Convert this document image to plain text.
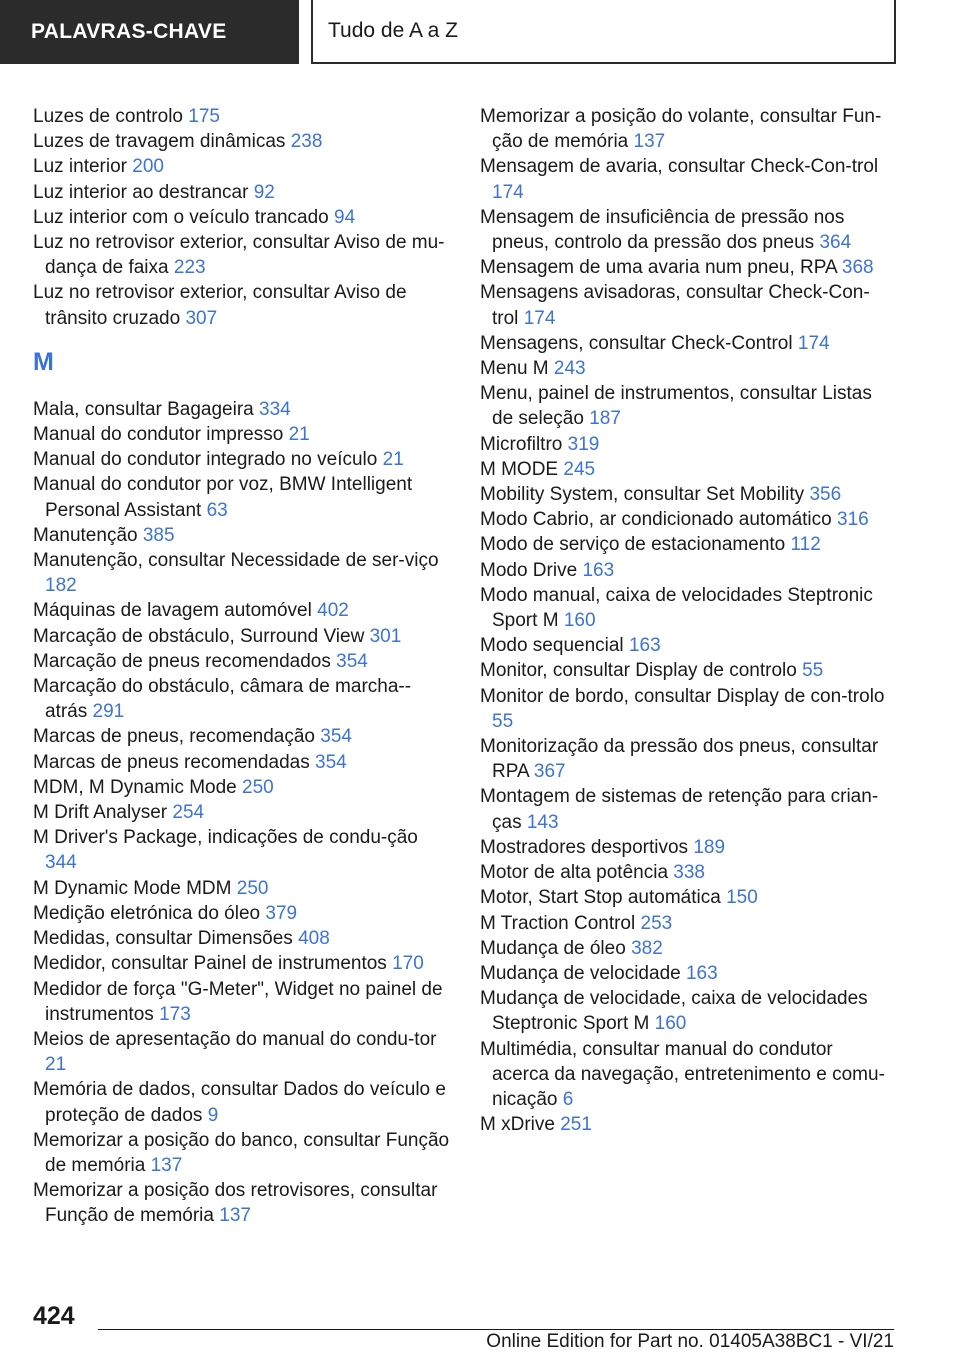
PALAVRAS-CHAVE	Tudo de A a Z
Luzes de controlo 175
Luzes de travagem dinâmicas 238
Luz interior 200
Luz interior ao destrancar 92
Luz interior com o veículo trancado 94
Luz no retrovisor exterior, consultar Aviso de mu-dança de faixa 223
Luz no retrovisor exterior, consultar Aviso de trânsito cruzado 307
M
Mala, consultar Bagageira 334
Manual do condutor impresso 21
Manual do condutor integrado no veículo 21
Manual do condutor por voz, BMW Intelligent Personal Assistant 63
Manutenção 385
Manutenção, consultar Necessidade de ser-viço 182
Máquinas de lavagem automóvel 402
Marcação de obstáculo, Surround View 301
Marcação de pneus recomendados 354
Marcação do obstáculo, câmara de marcha--atrás 291
Marcas de pneus, recomendação 354
Marcas de pneus recomendadas 354
MDM, M Dynamic Mode 250
M Drift Analyser 254
M Driver's Package, indicações de condu-ção 344
M Dynamic Mode MDM 250
Medição eletrónica do óleo 379
Medidas, consultar Dimensões 408
Medidor, consultar Painel de instrumentos 170
Medidor de força "G-Meter", Widget no painel de instrumentos 173
Meios de apresentação do manual do condu-tor 21
Memória de dados, consultar Dados do veículo e proteção de dados 9
Memorizar a posição do banco, consultar Função de memória 137
Memorizar a posição dos retrovisores, consultar Função de memória 137
Memorizar a posição do volante, consultar Fun-ção de memória 137
Mensagem de avaria, consultar Check-Con-trol 174
Mensagem de insuficiência de pressão nos pneus, controlo da pressão dos pneus 364
Mensagem de uma avaria num pneu, RPA 368
Mensagens avisadoras, consultar Check-Con-trol 174
Mensagens, consultar Check-Control 174
Menu M 243
Menu, painel de instrumentos, consultar Listas de seleção 187
Microfiltro 319
M MODE 245
Mobility System, consultar Set Mobility 356
Modo Cabrio, ar condicionado automático 316
Modo de serviço de estacionamento 112
Modo Drive 163
Modo manual, caixa de velocidades Steptronic Sport M 160
Modo sequencial 163
Monitor, consultar Display de controlo 55
Monitor de bordo, consultar Display de con-trolo 55
Monitorização da pressão dos pneus, consultar RPA 367
Montagem de sistemas de retenção para crian-ças 143
Mostradores desportivos 189
Motor de alta potência 338
Motor, Start Stop automática 150
M Traction Control 253
Mudança de óleo 382
Mudança de velocidade 163
Mudança de velocidade, caixa de velocidades Steptronic Sport M 160
Multimédia, consultar manual do condutor acerca da navegação, entretenimento e comu-nicação 6
M xDrive 251
424
Online Edition for Part no. 01405A38BC1 - VI/21
